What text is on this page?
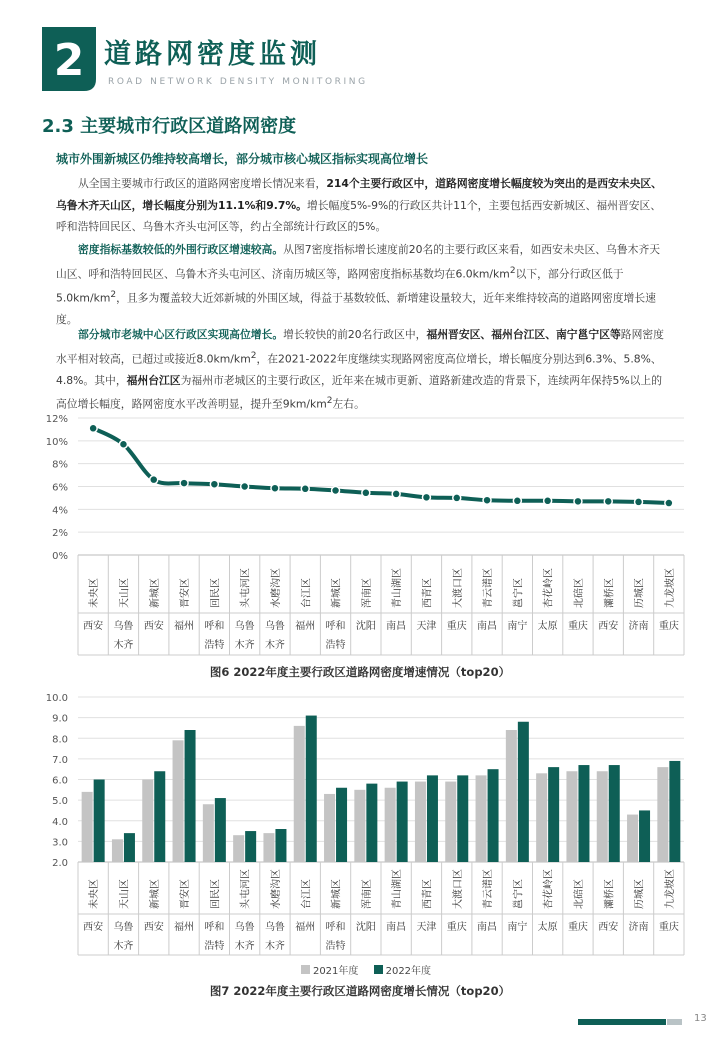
2 道路网密度监测
ROAD NETWORK DENSITY MONITORING
2.3 主要城市行政区道路网密度
城市外围新城区仍维持较高增长，部分城市核心城区指标实现高位增长
从全国主要城市行政区的道路网密度增长情况来看，214个主要行政区中，道路网密度增长幅度较为突出的是西安未央区、乌鲁木齐天山区，增长幅度分别为11.1%和9.7%。增长幅度5%-9%的行政区共计11个，主要包括西安新城区、福州晋安区、呼和浩特回民区、乌鲁木齐头屯河区等，约占全部统计行政区的5%。
密度指标基数较低的外围行政区增速较高。从图7密度指标增长速度前20名的主要行政区来看，如西安未央区、乌鲁木齐天山区、呼和浩特回民区、乌鲁木齐头屯河区、济南历城区等，路网密度指标基数均在$6.0km/km^2$以下，部分行政区低于$5.0km/km^2$，且多为覆盖较大近郊新城的外围区域，得益于基数较低、新增建设量较大，近年来维持较高的道路网密度增长速度。
部分城市老城中心区行政区实现高位增长。增长较快的前20名行政区中，福州晋安区、福州台江区、南宁邕宁区等路网密度水平相对较高，已超过或接近$8.0km/km^2$，在2021-2022年度继续实现路网密度高位增长，增长幅度分别达到6.3%、5.8%、4.8%。其中，福州台江区为福州市老城区的主要行政区，近年来在城市更新、道路新建改造的背景下，连续两年保持5%以上的高位增长幅度，路网密度水平改善明显，提升至$9km/km^2$左右。
0%
2%
4%
6%
8%
10%
12%
未央区
西安
天山区
乌鲁
木齐
新城区
西安
晋安区
福州
回民区
呼和
浩特
头屯河区
乌鲁
木齐
水磨沟区
乌鲁
木齐
台江区
福州
新城区
呼和
浩特
浑南区
沈阳
青山湖区
南昌
西青区
天津
大渡口区
重庆
青云谱区
南昌
邕宁区
南宁
杏花岭区
太原
北碚区
重庆
灞桥区
西安
历城区
济南
九龙坡区
重庆
图6 2022年度主要行政区道路网密度增速情况（top20）
2.0
3.0
4.0
5.0
6.0
7.0
8.0
9.0
10.0
未央区
西安
天山区
乌鲁
木齐
新城区
西安
晋安区
福州
回民区
呼和
浩特
头屯河区
乌鲁
木齐
水磨沟区
乌鲁
木齐
台江区
福州
新城区
呼和
浩特
浑南区
沈阳
青山湖区
南昌
西青区
天津
大渡口区
重庆
青云谱区
南昌
邕宁区
南宁
杏花岭区
太原
北碚区
重庆
灞桥区
西安
历城区
济南
九龙坡区
重庆
2021年度	2022年度
图7 2022年度主要行政区道路网密度增长情况（top20）
13
